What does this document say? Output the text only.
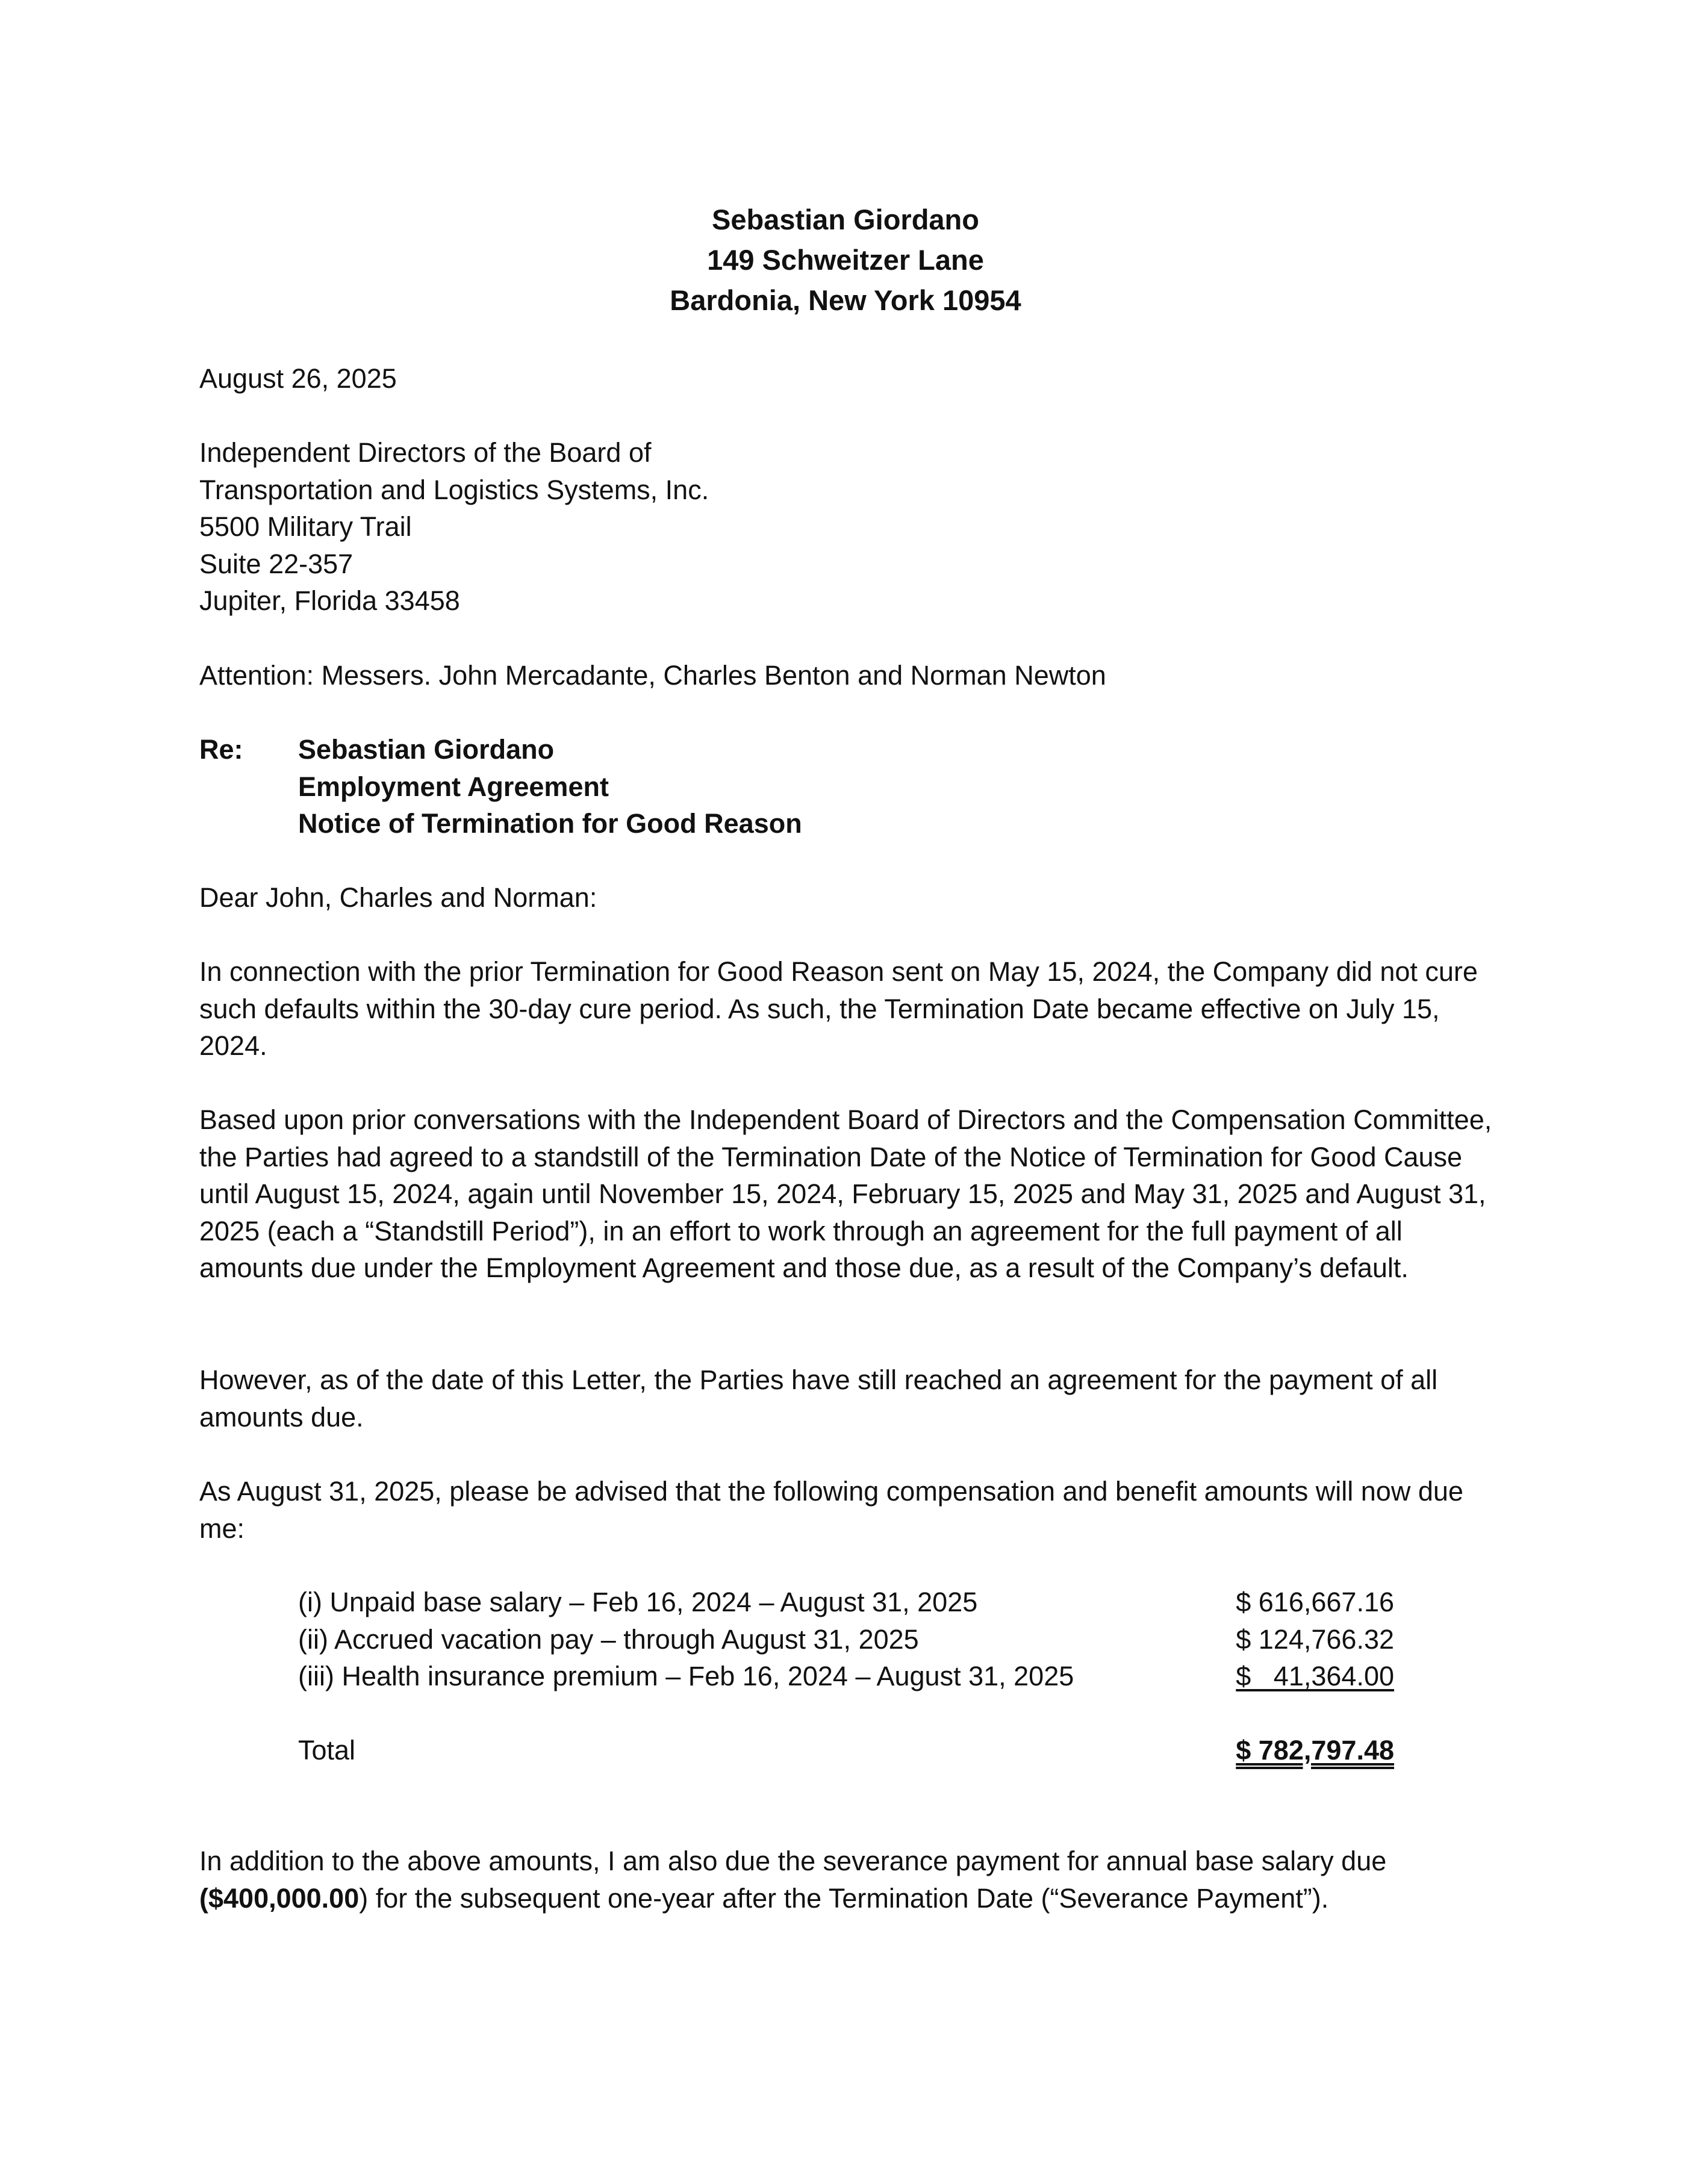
Sebastian Giordano
149 Schweitzer Lane
Bardonia, New York 10954
August 26, 2025
Independent Directors of the Board of
Transportation and Logistics Systems, Inc.
5500 Military Trail
Suite 22-357
Jupiter, Florida 33458
Attention: Messers. John Mercadante, Charles Benton and Norman Newton
Re: Sebastian Giordano
Employment Agreement
Notice of Termination for Good Reason
Dear John, Charles and Norman:
In connection with the prior Termination for Good Reason sent on May 15, 2024, the Company did not cure such defaults within the 30-day cure period. As such, the Termination Date became effective on July 15, 2024.
Based upon prior conversations with the Independent Board of Directors and the Compensation Committee, the Parties had agreed to a standstill of the Termination Date of the Notice of Termination for Good Cause until August 15, 2024, again until November 15, 2024, February 15, 2025 and May 31, 2025 and August 31, 2025 (each a “Standstill Period”), in an effort to work through an agreement for the full payment of all amounts due under the Employment Agreement and those due, as a result of the Company’s default.
However, as of the date of this Letter, the Parties have still reached an agreement for the payment of all amounts due.
As August 31, 2025, please be advised that the following compensation and benefit amounts will now due me:
(i) Unpaid base salary – Feb 16, 2024 – August 31, 2025	$ 616,667.16
(ii) Accrued vacation pay – through August 31, 2025	$ 124,766.32
(iii) Health insurance premium – Feb 16, 2024 – August 31, 2025	$   41,364.00
Total	$ 782,797.48
In addition to the above amounts, I am also due the severance payment for annual base salary due
($400,000.00) for the subsequent one-year after the Termination Date (“Severance Payment”).
